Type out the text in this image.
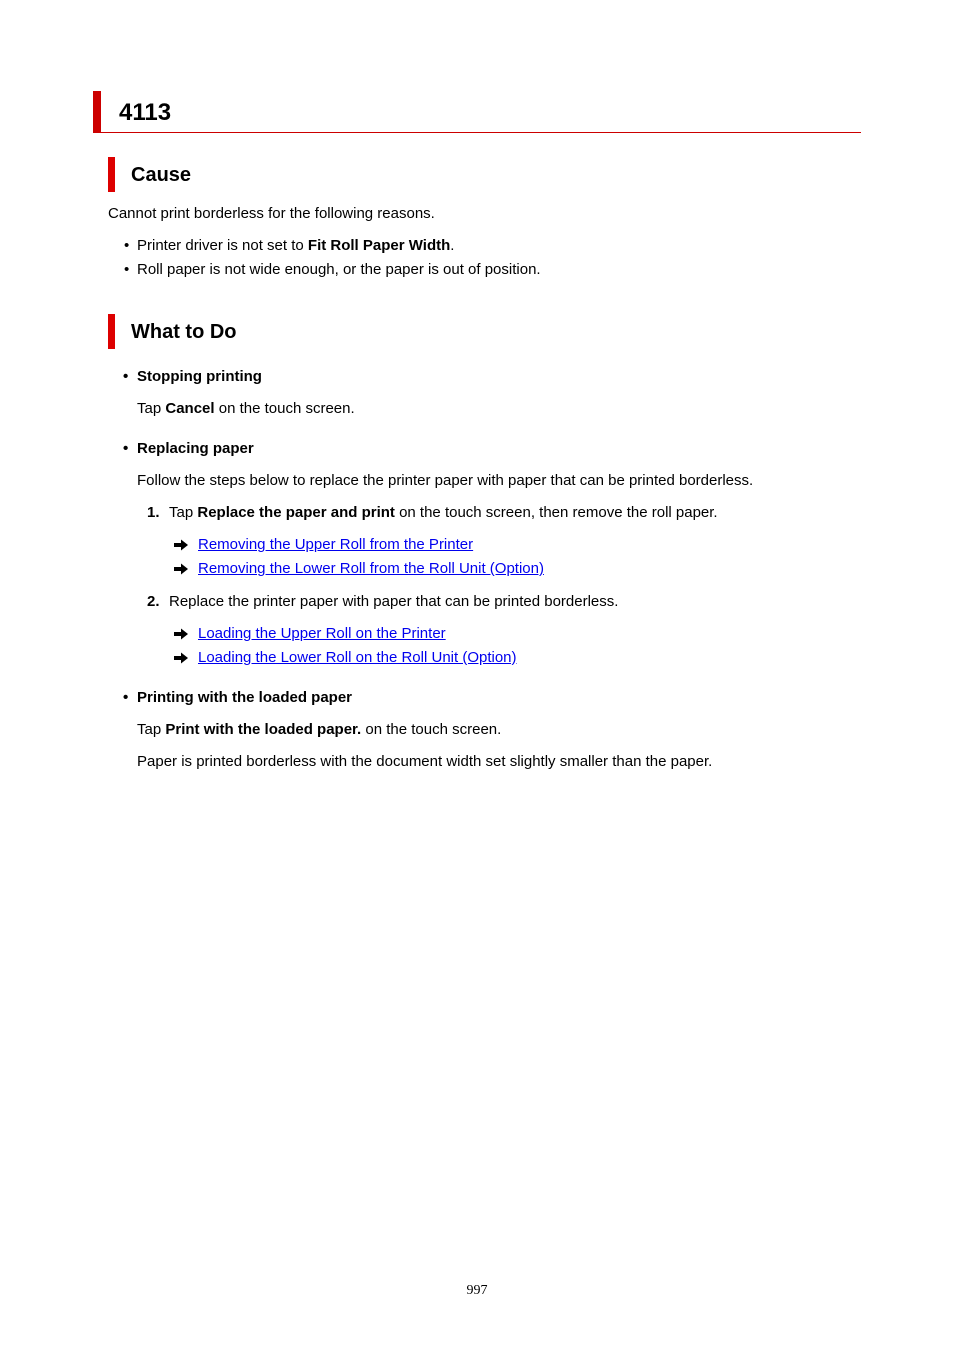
4113
Cause
Cannot print borderless for the following reasons.
• Printer driver is not set to Fit Roll Paper Width.
• Roll paper is not wide enough, or the paper is out of position.
What to Do
• Stopping printing
Tap Cancel on the touch screen.
• Replacing paper
Follow the steps below to replace the printer paper with paper that can be printed borderless.
1. Tap Replace the paper and print on the touch screen, then remove the roll paper.
Removing the Upper Roll from the Printer
Removing the Lower Roll from the Roll Unit (Option)
2. Replace the printer paper with paper that can be printed borderless.
Loading the Upper Roll on the Printer
Loading the Lower Roll on the Roll Unit (Option)
• Printing with the loaded paper
Tap Print with the loaded paper. on the touch screen.
Paper is printed borderless with the document width set slightly smaller than the paper.
997
